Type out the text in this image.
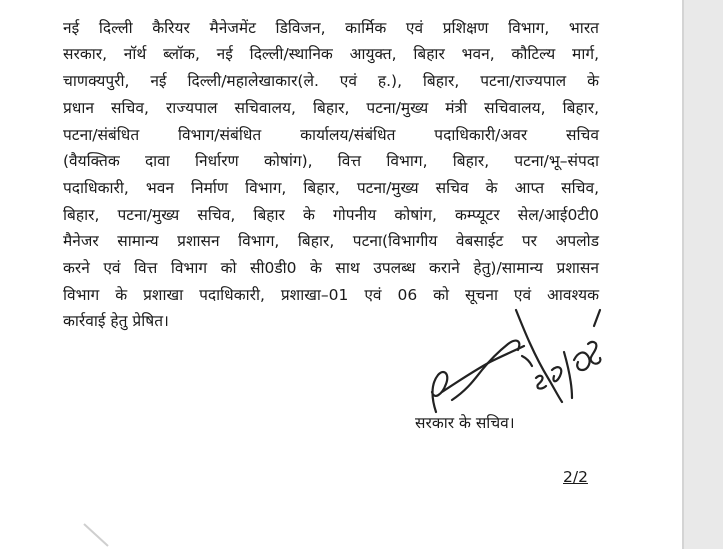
नई दिल्ली कैरियर मैनेजमेंट डिविजन, कार्मिक एवं प्रशिक्षण विभाग, भारत
सरकार, नॉर्थ ब्लॉक, नई दिल्ली/स्थानिक आयुक्त, बिहार भवन, कौटिल्य मार्ग,
चाणक्यपुरी, नई दिल्ली/महालेखाकार(ले. एवं ह.), बिहार, पटना/राज्यपाल के
प्रधान सचिव, राज्यपाल सचिवालय, बिहार, पटना/मुख्य मंत्री सचिवालय, बिहार,
पटना/संबंधित विभाग/संबंधित कार्यालय/संबंधित पदाधिकारी/अवर सचिव
(वैयक्तिक दावा निर्धारण कोषांग), वित्त विभाग, बिहार, पटना/भू–संपदा
पदाधिकारी, भवन निर्माण विभाग, बिहार, पटना/मुख्य सचिव के आप्त सचिव,
बिहार, पटना/मुख्य सचिव, बिहार के गोपनीय कोषांग, कम्प्यूटर सेल/आई0टी0
मैनेजर सामान्य प्रशासन विभाग, बिहार, पटना(विभागीय वेबसाईट पर अपलोड
करने एवं वित्त विभाग को सी0डी0 के साथ उपलब्ध कराने हेतु)/सामान्य प्रशासन
विभाग के प्रशाखा पदाधिकारी, प्रशाखा–01 एवं 06 को सूचना एवं आवश्यक
कार्रवाई हेतु प्रेषित।
सरकार के सचिव।
2/2
